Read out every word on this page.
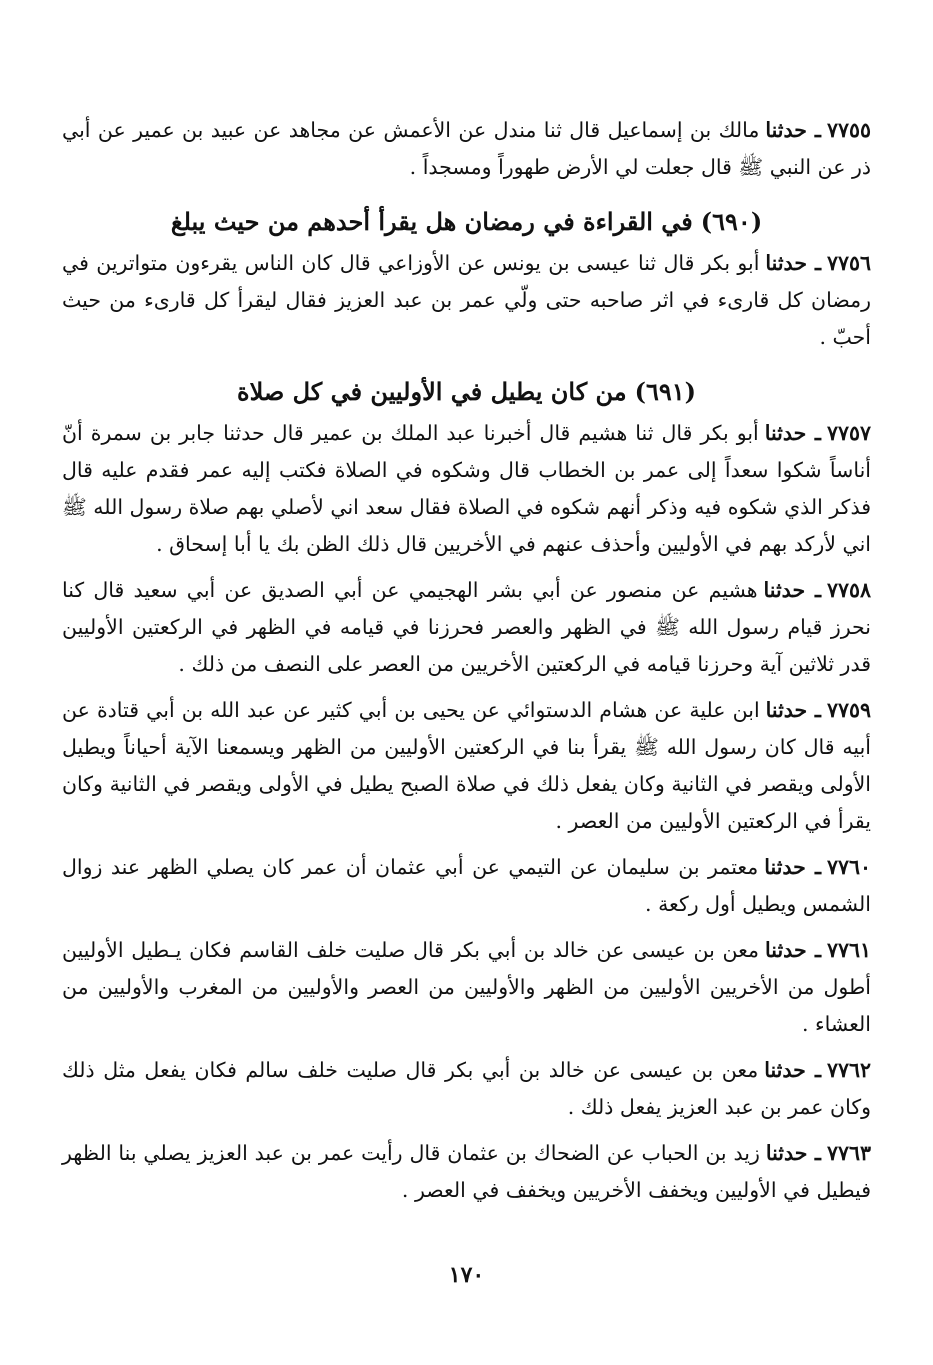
٧٧٥٥ـ حدثنامالك بن إسماعيل قال ثنا مندل عن الأعمش عن مجاهد عن عبيد بن عمير عن أبي ذر عن النبي ﷺ قال جعلت لي الأرض طهوراً ومسجداً .

(٦٩٠)في القراءة في رمضان هل يقرأ أحدهم من حيث يبلغ

٧٧٥٦ـ حدثناأبو بكر قال ثنا عيسى بن يونس عن الأوزاعي قال كان الناس يقرءون متواترين في رمضان كل قارىء في اثر صاحبه حتى ولّي عمر بن عبد العزيز فقال ليقرأ كل قارىء من حيث أحبّ .

(٦٩١)من كان يطيل في الأوليين في كل صلاة

٧٧٥٧ـ حدثناأبو بكر قال ثنا هشيم قال أخبرنا عبد الملك بن عمير قال حدثنا جابر بن سمرة أنّ أناساً شكوا سعداً إلى عمر بن الخطاب قال وشكوه في الصلاة فكتب إليه عمر فقدم عليه قال فذكر الذي شكوه فيه وذكر أنهم شكوه في الصلاة فقال سعد اني لأصلي بهم صلاة رسول الله ﷺ اني لأركد بهم في الأوليين وأحذف عنهم في الأخريين قال ذلك الظن بك يا أبا إسحاق .

٧٧٥٨ـ حدثناهشيم عن منصور عن أبي بشر الهجيمي عن أبي الصديق عن أبي سعيد قال كنا نحرز قيام رسول الله ﷺ في الظهر والعصر فحرزنا في قيامه في الظهر في الركعتين الأوليين قدر ثلاثين آية وحرزنا قيامه في الركعتين الأخريين من العصر على النصف من ذلك .

٧٧٥٩ـ حدثناابن علية عن هشام الدستوائي عن يحيى بن أبي كثير عن عبد الله بن أبي قتادة عن أبيه قال كان رسول الله ﷺ يقرأ بنا في الركعتين الأوليين من الظهر ويسمعنا الآية أحياناً ويطيل الأولى ويقصر في الثانية وكان يفعل ذلك في صلاة الصبح يطيل في الأولى ويقصر في الثانية وكان يقرأ في الركعتين الأوليين من العصر .

٧٧٦٠ـ حدثنامعتمر بن سليمان عن التيمي عن أبي عثمان أن عمر كان يصلي الظهر عند زوال الشمس ويطيل أول ركعة .

٧٧٦١ـ حدثنامعن بن عيسى عن خالد بن أبي بكر قال صليت خلف القاسم فكان يـطيل الأوليين أطول من الأخريين الأوليين من الظهر والأوليين من العصر والأوليين من المغرب والأوليين من العشاء .

٧٧٦٢ـ حدثنامعن بن عيسى عن خالد بن أبي بكر قال صليت خلف سالم فكان يفعل مثل ذلك وكان عمر بن عبد العزيز يفعل ذلك .

٧٧٦٣ـ حدثنازيد بن الحباب عن الضحاك بن عثمان قال رأيت عمر بن عبد العزيز يصلي بنا الظهر فيطيل في الأوليين ويخفف الأخريين ويخفف في العصر .

١٧٠
